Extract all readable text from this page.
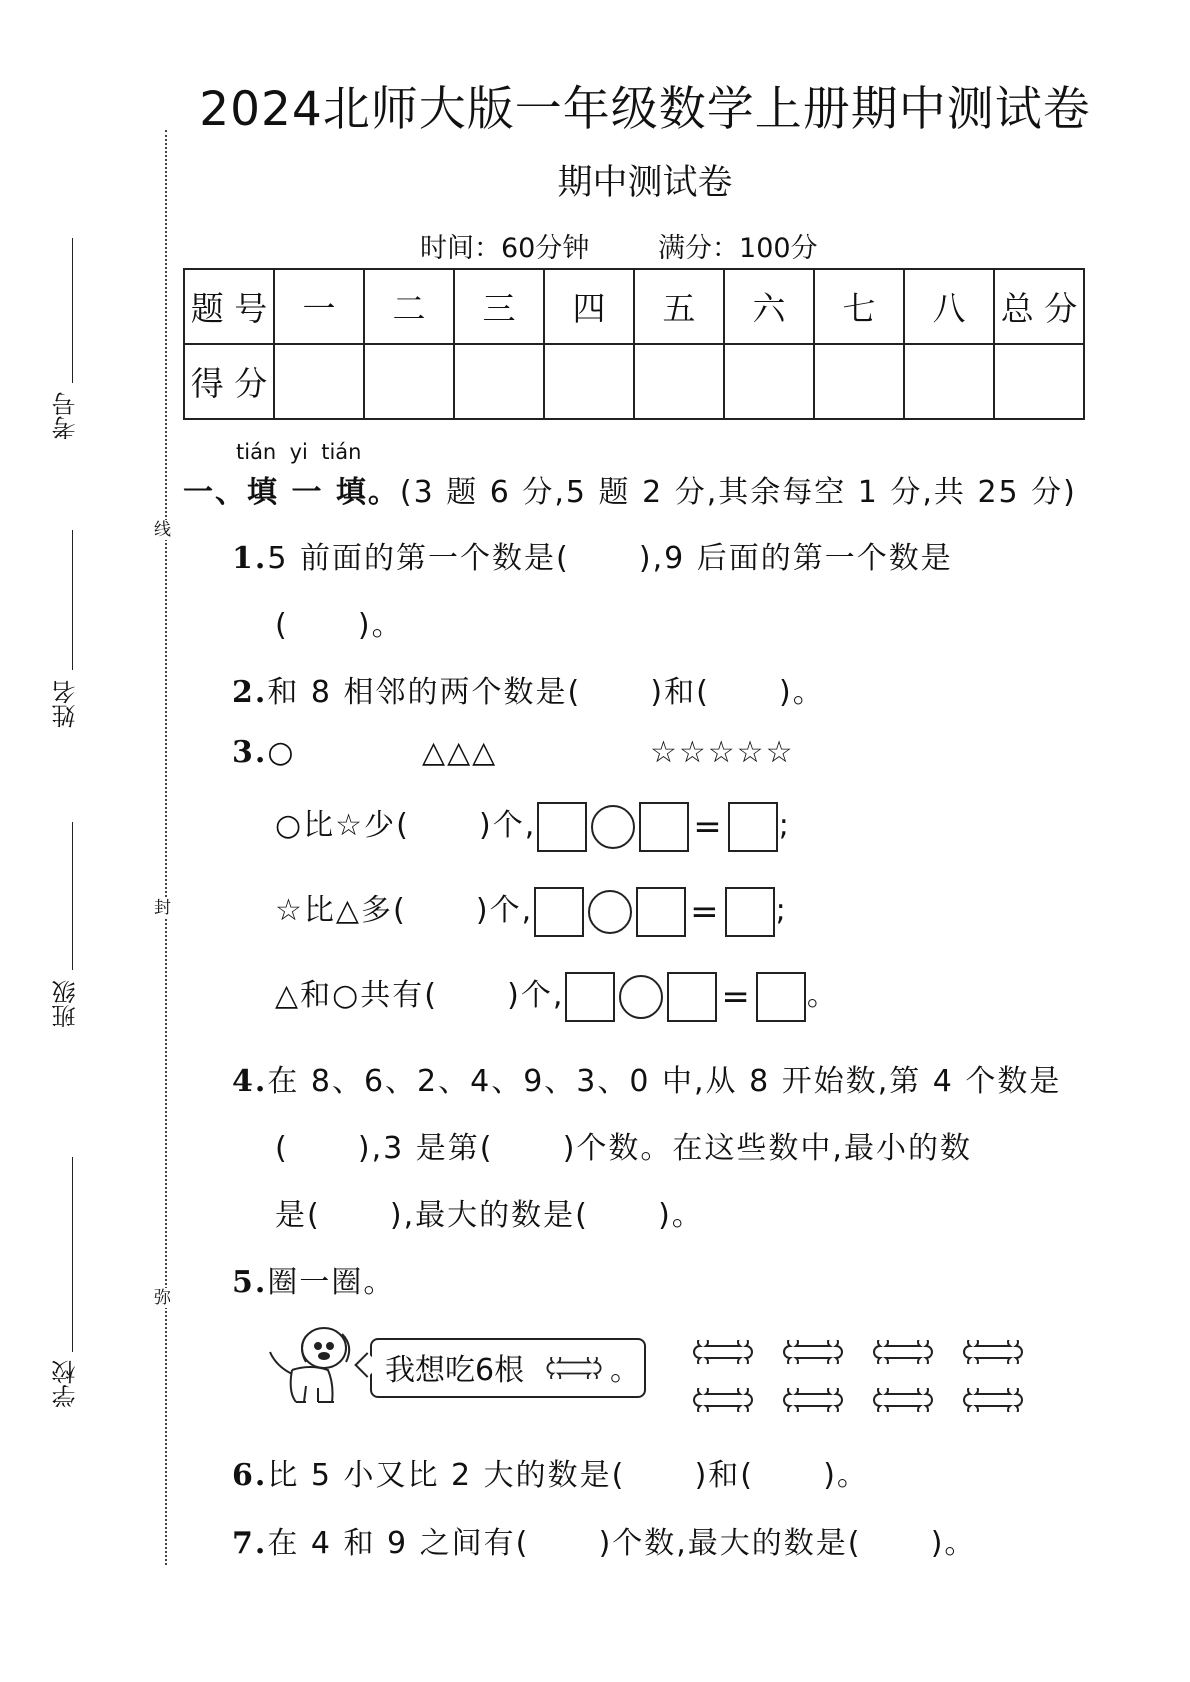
2024北师大版一年级数学上册期中测试卷
期中测试卷
时间：60分钟	满分：100分
题 号	一	二	三	四	五	六	七	八	总 分
得 分									
线
封
弥
考号
姓名
班级
学校
tián  yi  tián
一、填 一 填。(3 题 6 分,5 题 2 分,其余每空 1 分,共 25 分)
1.5 前面的第一个数是(      ),9 后面的第一个数是
(      )。
2.和 8 相邻的两个数是(      )和(      )。
3.○	△△△	☆☆☆☆☆
○比☆少(      )个,	= ;
☆比△多(      )个,	= ;
△和○共有(      )个,	= 。
4.在 8、6、2、4、9、3、0 中,从 8 开始数,第 4 个数是
(      ),3 是第(      )个数。在这些数中,最小的数
是(      ),最大的数是(      )。
5.圈一圈。
我想吃6根	。
6.比 5 小又比 2 大的数是(      )和(      )。
7.在 4 和 9 之间有(      )个数,最大的数是(      )。
